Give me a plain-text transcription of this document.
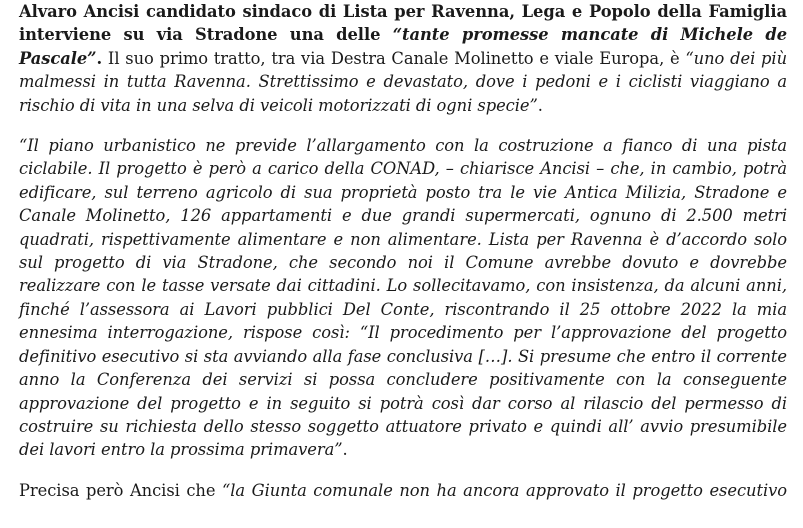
Alvaro Ancisi candidato sindaco di Lista per Ravenna, Lega e Popolo della Famiglia interviene su via Stradone una delle “tante promesse mancate di Michele de Pascale”. Il suo primo tratto, tra via Destra Canale Molinetto e viale Europa, è “uno dei più malmessi in tutta Ravenna. Strettissimo e devastato, dove i pedoni e i ciclisti viaggiano a rischio di vita in una selva di veicoli motorizzati di ogni specie”.

“Il piano urbanistico ne previde l’allargamento con la costruzione a fianco di una pista ciclabile. Il progetto è però a carico della CONAD, – chiarisce Ancisi – che, in cambio, potrà edificare, sul terreno agricolo di sua proprietà posto tra le vie Antica Milizia, Stradone e Canale Molinetto, 126 appartamenti e due grandi supermercati, ognuno di 2.500 metri quadrati, rispettivamente alimentare e non alimentare. Lista per Ravenna è d’accordo solo sul progetto di via Stradone, che secondo noi il Comune avrebbe dovuto e dovrebbe realizzare con le tasse versate dai cittadini. Lo sollecitavamo, con insistenza, da alcuni anni, finché l’assessora ai Lavori pubblici Del Conte, riscontrando il 25 ottobre 2022 la mia ennesima interrogazione, rispose così: “Il procedimento per l’approvazione del progetto definitivo esecutivo si sta avviando alla fase conclusiva […]. Si presume che entro il corrente anno la Conferenza dei servizi si possa concludere positivamente con la conseguente approvazione del progetto e in seguito si potrà così dar corso al rilascio del permesso di costruire su richiesta dello stesso soggetto attuatore privato e quindi all’ avvio presumibile dei lavori entro la prossima primavera”.

Precisa però Ancisi che “la Giunta comunale non ha ancora approvato il progetto esecutivo
